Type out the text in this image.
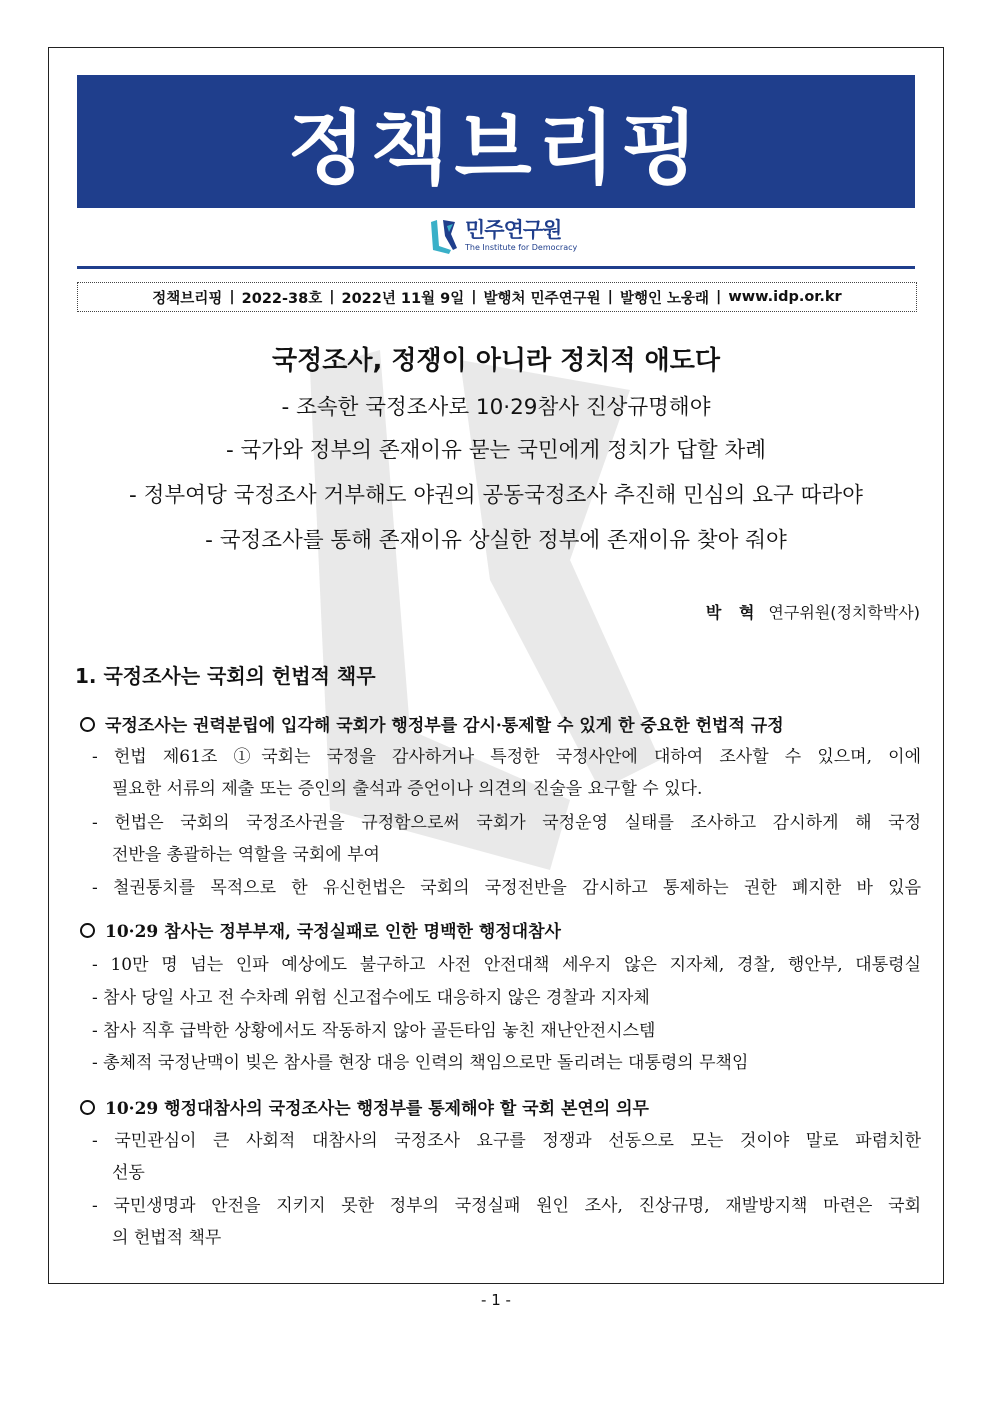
정책브리핑
민주연구원
The Institute for Democracy
정책브리핑 | 2022-38호 | 2022년 11월 9일 | 발행처 민주연구원 | 발행인 노웅래 | www.idp.or.kr
국정조사, 정쟁이 아니라 정치적 애도다
- 조속한 국정조사로 10·29참사 진상규명해야
- 국가와 정부의 존재이유 묻는 국민에게 정치가 답할 차례
- 정부여당 국정조사 거부해도 야권의 공동국정조사 추진해 민심의 요구 따라야
- 국정조사를 통해 존재이유 상실한 정부에 존재이유 찾아 줘야
박 혁 연구위원(정치학박사)
1. 국정조사는 국회의 헌법적 책무
국정조사는 권력분립에 입각해 국회가 행정부를 감시·통제할 수 있게 한 중요한 헌법적 규정
- 헌법 제61조 ①국회는 국정을 감사하거나 특정한 국정사안에 대하여 조사할 수 있으며, 이에
필요한 서류의 제출 또는 증인의 출석과 증언이나 의견의 진술을 요구할 수 있다.
- 헌법은 국회의 국정조사권을 규정함으로써 국회가 국정운영 실태를 조사하고 감시하게 해 국정
전반을 총괄하는 역할을 국회에 부여
- 철권통치를 목적으로 한 유신헌법은 국회의 국정전반을 감시하고 통제하는 권한 폐지한 바 있음
10·29 참사는 정부부재, 국정실패로 인한 명백한 행정대참사
- 10만 명 넘는 인파 예상에도 불구하고 사전 안전대책 세우지 않은 지자체, 경찰, 행안부, 대통령실
- 참사 당일 사고 전 수차례 위험 신고접수에도 대응하지 않은 경찰과 지자체
- 참사 직후 급박한 상황에서도 작동하지 않아 골든타임 놓친 재난안전시스템
- 총체적 국정난맥이 빚은 참사를 현장 대응 인력의 책임으로만 돌리려는 대통령의 무책임
10·29 행정대참사의 국정조사는 행정부를 통제해야 할 국회 본연의 의무
- 국민관심이 큰 사회적 대참사의 국정조사 요구를 정쟁과 선동으로 모는 것이야 말로 파렴치한
선동
- 국민생명과 안전을 지키지 못한 정부의 국정실패 원인 조사, 진상규명, 재발방지책 마련은 국회
의 헌법적 책무
- 1 -
